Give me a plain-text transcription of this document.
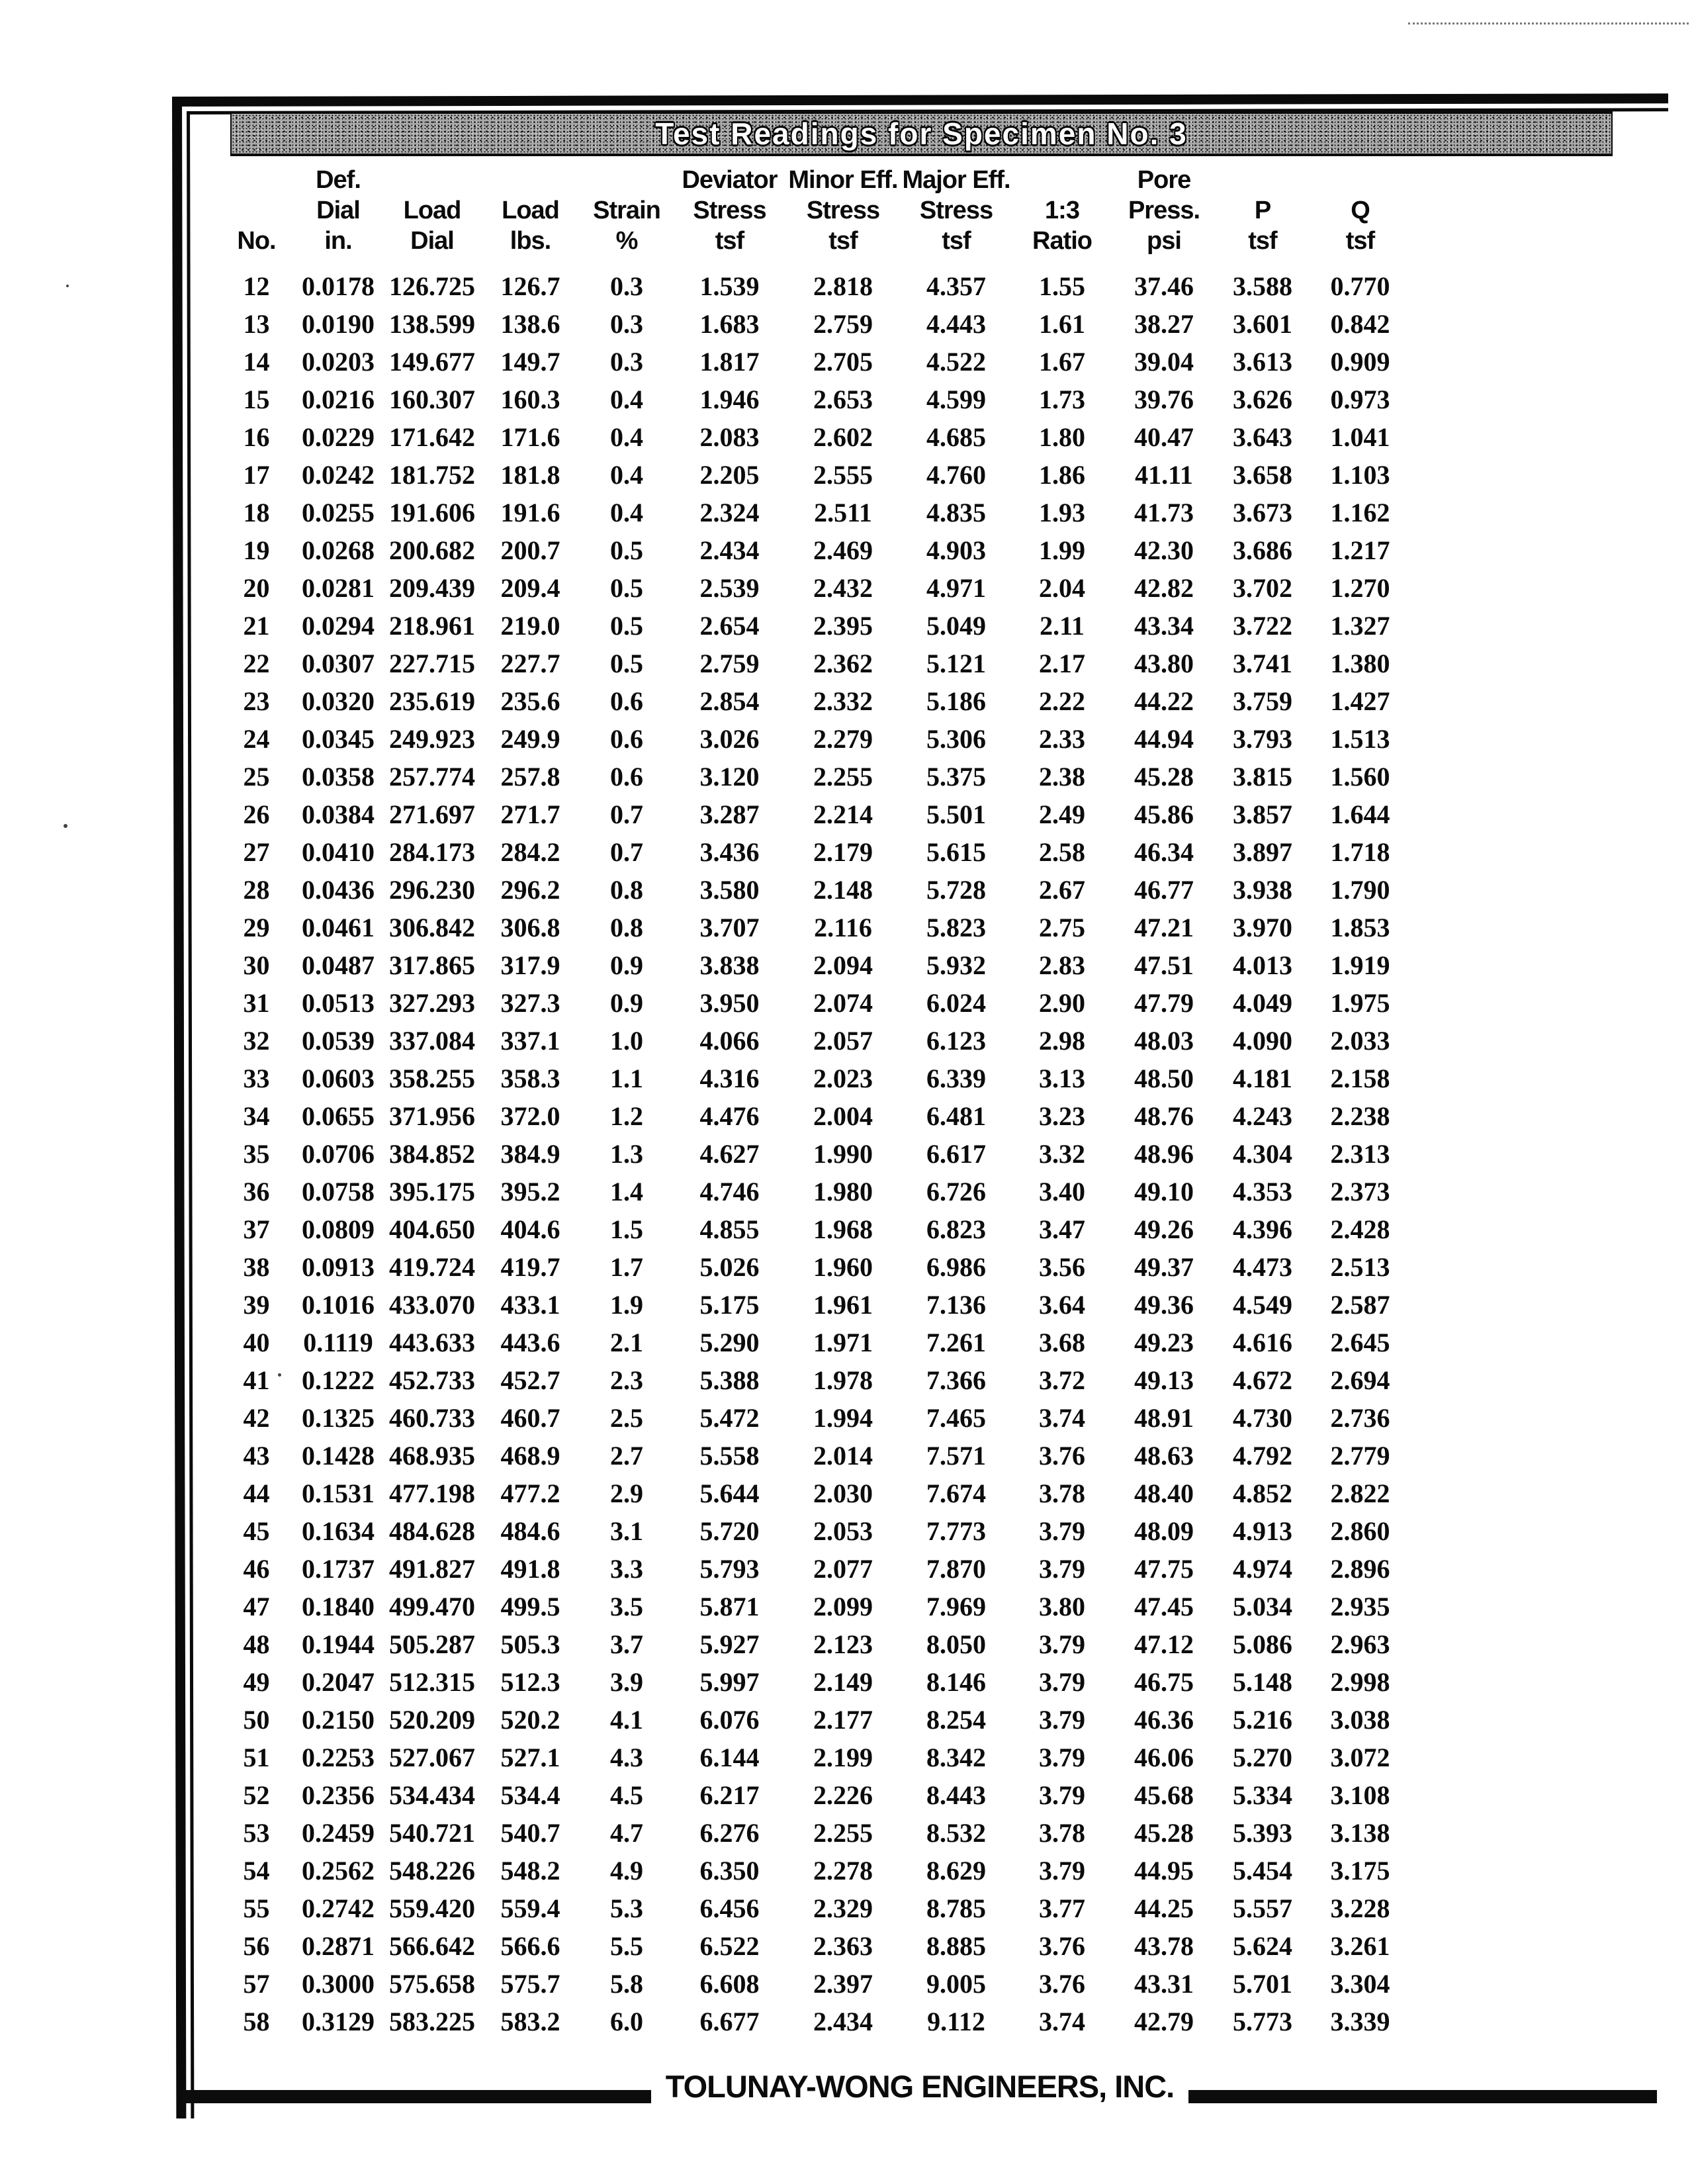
Test Readings for Specimen No. 3

	Def.				Deviator	Minor Eff.	Major Eff.		Pore		

	Dial	Load	Load	Strain	Stress	Stress	Stress	1:3	Press.	P	Q

No.	in.	Dial	lbs.	%	tsf	tsf	tsf	Ratio	psi	tsf	tsf

12	0.0178	126.725	126.7	0.3	1.539	2.818	4.357	1.55	37.46	3.588	0.770
13	0.0190	138.599	138.6	0.3	1.683	2.759	4.443	1.61	38.27	3.601	0.842
14	0.0203	149.677	149.7	0.3	1.817	2.705	4.522	1.67	39.04	3.613	0.909
15	0.0216	160.307	160.3	0.4	1.946	2.653	4.599	1.73	39.76	3.626	0.973
16	0.0229	171.642	171.6	0.4	2.083	2.602	4.685	1.80	40.47	3.643	1.041
17	0.0242	181.752	181.8	0.4	2.205	2.555	4.760	1.86	41.11	3.658	1.103
18	0.0255	191.606	191.6	0.4	2.324	2.511	4.835	1.93	41.73	3.673	1.162
19	0.0268	200.682	200.7	0.5	2.434	2.469	4.903	1.99	42.30	3.686	1.217
20	0.0281	209.439	209.4	0.5	2.539	2.432	4.971	2.04	42.82	3.702	1.270
21	0.0294	218.961	219.0	0.5	2.654	2.395	5.049	2.11	43.34	3.722	1.327
22	0.0307	227.715	227.7	0.5	2.759	2.362	5.121	2.17	43.80	3.741	1.380
23	0.0320	235.619	235.6	0.6	2.854	2.332	5.186	2.22	44.22	3.759	1.427
24	0.0345	249.923	249.9	0.6	3.026	2.279	5.306	2.33	44.94	3.793	1.513
25	0.0358	257.774	257.8	0.6	3.120	2.255	5.375	2.38	45.28	3.815	1.560
26	0.0384	271.697	271.7	0.7	3.287	2.214	5.501	2.49	45.86	3.857	1.644
27	0.0410	284.173	284.2	0.7	3.436	2.179	5.615	2.58	46.34	3.897	1.718
28	0.0436	296.230	296.2	0.8	3.580	2.148	5.728	2.67	46.77	3.938	1.790
29	0.0461	306.842	306.8	0.8	3.707	2.116	5.823	2.75	47.21	3.970	1.853
30	0.0487	317.865	317.9	0.9	3.838	2.094	5.932	2.83	47.51	4.013	1.919
31	0.0513	327.293	327.3	0.9	3.950	2.074	6.024	2.90	47.79	4.049	1.975
32	0.0539	337.084	337.1	1.0	4.066	2.057	6.123	2.98	48.03	4.090	2.033
33	0.0603	358.255	358.3	1.1	4.316	2.023	6.339	3.13	48.50	4.181	2.158
34	0.0655	371.956	372.0	1.2	4.476	2.004	6.481	3.23	48.76	4.243	2.238
35	0.0706	384.852	384.9	1.3	4.627	1.990	6.617	3.32	48.96	4.304	2.313
36	0.0758	395.175	395.2	1.4	4.746	1.980	6.726	3.40	49.10	4.353	2.373
37	0.0809	404.650	404.6	1.5	4.855	1.968	6.823	3.47	49.26	4.396	2.428
38	0.0913	419.724	419.7	1.7	5.026	1.960	6.986	3.56	49.37	4.473	2.513
39	0.1016	433.070	433.1	1.9	5.175	1.961	7.136	3.64	49.36	4.549	2.587
40	0.1119	443.633	443.6	2.1	5.290	1.971	7.261	3.68	49.23	4.616	2.645
41	0.1222	452.733	452.7	2.3	5.388	1.978	7.366	3.72	49.13	4.672	2.694
42	0.1325	460.733	460.7	2.5	5.472	1.994	7.465	3.74	48.91	4.730	2.736
43	0.1428	468.935	468.9	2.7	5.558	2.014	7.571	3.76	48.63	4.792	2.779
44	0.1531	477.198	477.2	2.9	5.644	2.030	7.674	3.78	48.40	4.852	2.822
45	0.1634	484.628	484.6	3.1	5.720	2.053	7.773	3.79	48.09	4.913	2.860
46	0.1737	491.827	491.8	3.3	5.793	2.077	7.870	3.79	47.75	4.974	2.896
47	0.1840	499.470	499.5	3.5	5.871	2.099	7.969	3.80	47.45	5.034	2.935
48	0.1944	505.287	505.3	3.7	5.927	2.123	8.050	3.79	47.12	5.086	2.963
49	0.2047	512.315	512.3	3.9	5.997	2.149	8.146	3.79	46.75	5.148	2.998
50	0.2150	520.209	520.2	4.1	6.076	2.177	8.254	3.79	46.36	5.216	3.038
51	0.2253	527.067	527.1	4.3	6.144	2.199	8.342	3.79	46.06	5.270	3.072
52	0.2356	534.434	534.4	4.5	6.217	2.226	8.443	3.79	45.68	5.334	3.108
53	0.2459	540.721	540.7	4.7	6.276	2.255	8.532	3.78	45.28	5.393	3.138
54	0.2562	548.226	548.2	4.9	6.350	2.278	8.629	3.79	44.95	5.454	3.175
55	0.2742	559.420	559.4	5.3	6.456	2.329	8.785	3.77	44.25	5.557	3.228
56	0.2871	566.642	566.6	5.5	6.522	2.363	8.885	3.76	43.78	5.624	3.261
57	0.3000	575.658	575.7	5.8	6.608	2.397	9.005	3.76	43.31	5.701	3.304
58	0.3129	583.225	583.2	6.0	6.677	2.434	9.112	3.74	42.79	5.773	3.339
TOLUNAY-WONG ENGINEERS, INC.
